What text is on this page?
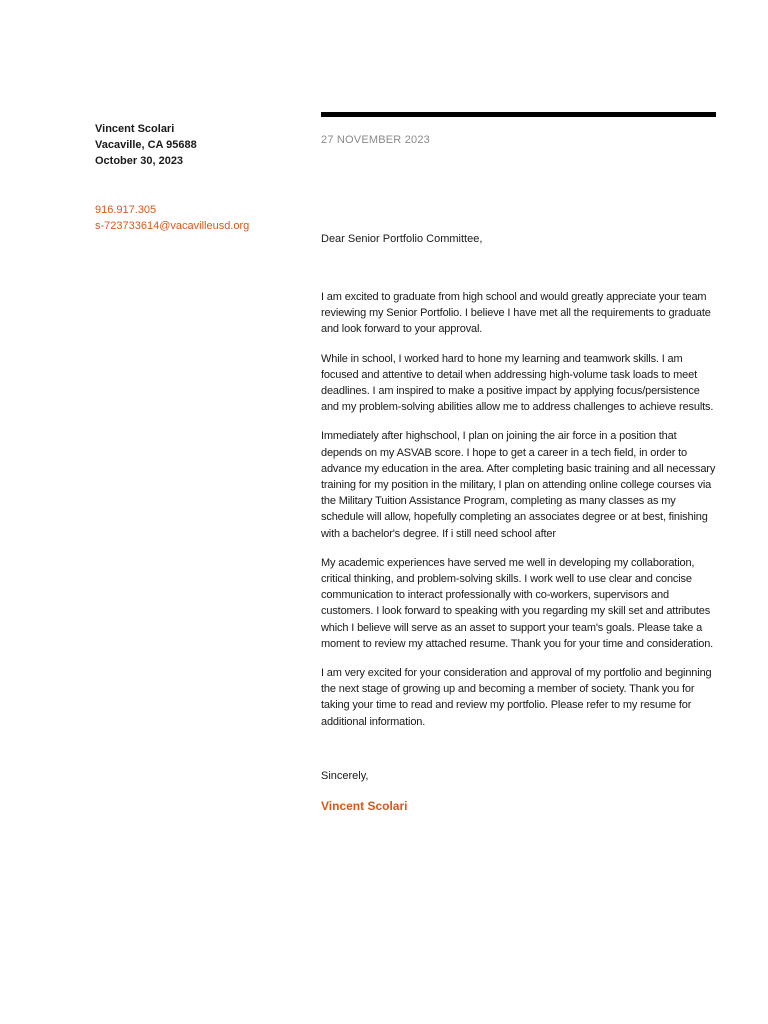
Vincent Scolari
Vacaville, CA 95688
October 30, 2023
916.917.305
s-723733614@vacavilleusd.org
27 NOVEMBER 2023
Dear Senior Portfolio Committee,

I am excited to graduate from high school and would greatly appreciate your team reviewing my Senior Portfolio. I believe I have met all the requirements to graduate and look forward to your approval.

While in school, I worked hard to hone my learning and teamwork skills. I am focused and attentive to detail when addressing high-volume task loads to meet deadlines. I am inspired to make a positive impact by applying focus/persistence and my problem-solving abilities allow me to address challenges to achieve results.

Immediately after highschool, I plan on joining the air force in a position that depends on my ASVAB score. I hope to get a career in a tech field, in order to advance my education in the area. After completing basic training and all necessary training for my position in the military, I plan on attending online college courses via the Military Tuition Assistance Program, completing as many classes as my schedule will allow, hopefully completing an associates degree or at best, finishing with a bachelor's degree. If i still need school after

My academic experiences have served me well in developing my collaboration, critical thinking, and problem-solving skills. I work well to use clear and concise communication to interact professionally with co-workers, supervisors and customers. I look forward to speaking with you regarding my skill set and attributes which I believe will serve as an asset to support your team's goals. Please take a moment to review my attached resume. Thank you for your time and consideration.

I am very excited for your consideration and approval of my portfolio and beginning the next stage of growing up and becoming a member of society. Thank you for taking your time to read and review my portfolio. Please refer to my resume for additional information.

Sincerely,
Vincent Scolari
